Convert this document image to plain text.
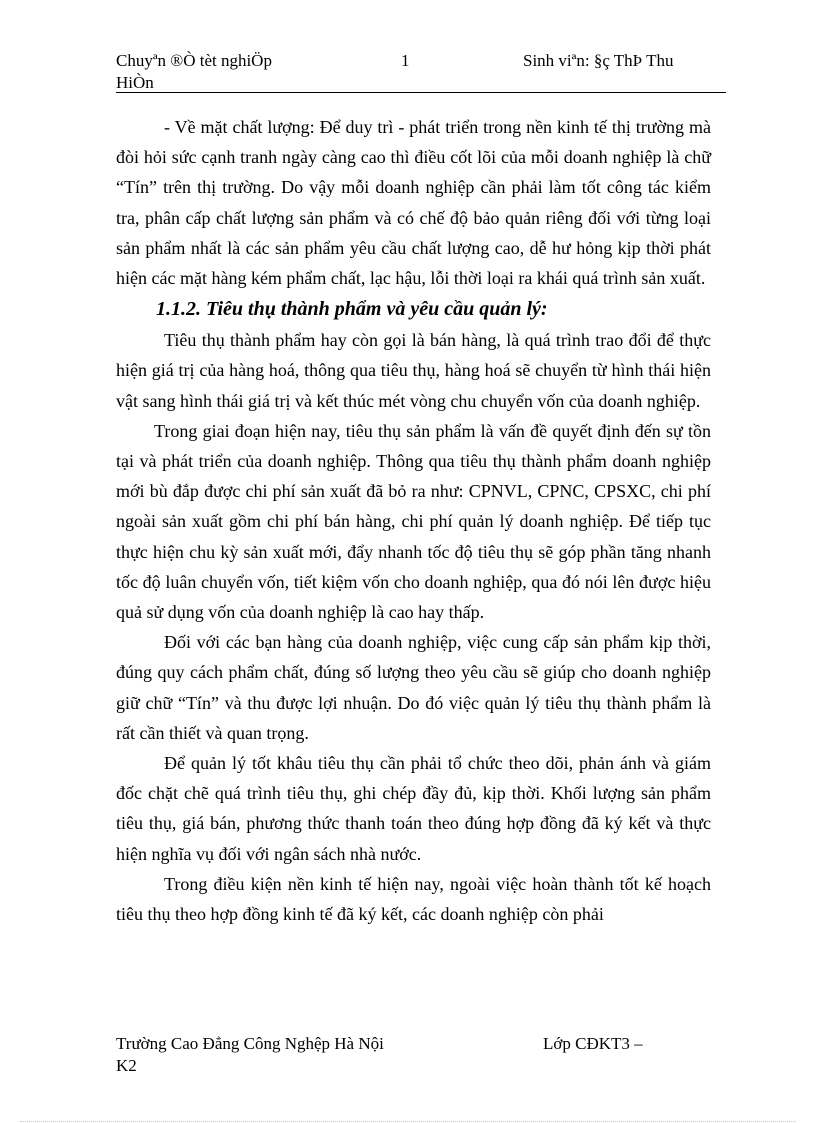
Chuyªn ®Ò tèt nghiÖp
HiÒn
1	Sinh viªn: §ç ThÞ Thu

- Về mặt chất lượng: Để duy trì - phát triển trong nền kinh tế thị trường mà đòi hỏi sức cạnh tranh ngày càng cao thì điều cốt lõi của mỗi doanh nghiệp là chữ “Tín” trên thị trường. Do vậy mỗi doanh nghiệp cần phải làm tốt công tác kiểm tra, phân cấp chất lượng sản phẩm và có chế độ bảo quản riêng đối với từng loại sản phẩm nhất là các sản phẩm yêu cầu chất lượng cao, dễ hư hỏng kịp thời phát hiện các mặt hàng kém phẩm chất, lạc hậu, lỗi thời loại ra khái quá trình sản xuất.

1.1.2. Tiêu thụ thành phẩm và yêu cầu quản lý:

Tiêu thụ thành phẩm hay còn gọi là bán hàng, là quá trình trao đổi để thực hiện giá trị của hàng hoá, thông qua tiêu thụ, hàng hoá sẽ chuyển từ hình thái hiện vật sang hình thái giá trị và kết thúc mét vòng chu chuyển vốn của doanh nghiệp.

Trong giai đoạn hiện nay, tiêu thụ sản phẩm là vấn đề quyết định đến sự tồn tại và phát triển của doanh nghiệp. Thông qua tiêu thụ thành phẩm doanh nghiệp mới bù đắp được chi phí sản xuất đã bỏ ra như: CPNVL, CPNC, CPSXC, chi phí ngoài sản xuất gồm chi phí bán hàng, chi phí quản lý doanh nghiệp. Để tiếp tục thực hiện chu kỳ sản xuất mới, đẩy nhanh tốc độ tiêu thụ sẽ góp phần tăng nhanh tốc độ luân chuyển vốn, tiết kiệm vốn cho doanh nghiệp, qua đó nói lên được hiệu quả sử dụng vốn của doanh nghiệp là cao hay thấp.

Đối với các bạn hàng của doanh nghiệp, việc cung cấp sản phẩm kịp thời, đúng quy cách phẩm chất, đúng số lượng theo yêu cầu sẽ giúp cho doanh nghiệp giữ chữ “Tín” và thu được lợi nhuận. Do đó việc quản lý tiêu thụ thành phẩm là rất cần thiết và quan trọng.

Để quản lý tốt khâu tiêu thụ cần phải tổ chức theo dõi, phản ánh và giám đốc chặt chẽ quá trình tiêu thụ, ghi chép đầy đủ, kịp thời. Khối lượng sản phẩm tiêu thụ, giá bán, phương thức thanh toán theo đúng hợp đồng đã ký kết và thực hiện nghĩa vụ đối với ngân sách nhà nước.

Trong điều kiện nền kinh tế hiện nay, ngoài việc hoàn thành tốt kế hoạch tiêu thụ theo hợp đồng kinh tế đã ký kết, các doanh nghiệp còn phải

Trường Cao Đẳng Công Nghệp Hà Nội	Lớp CĐKT3 –
K2
